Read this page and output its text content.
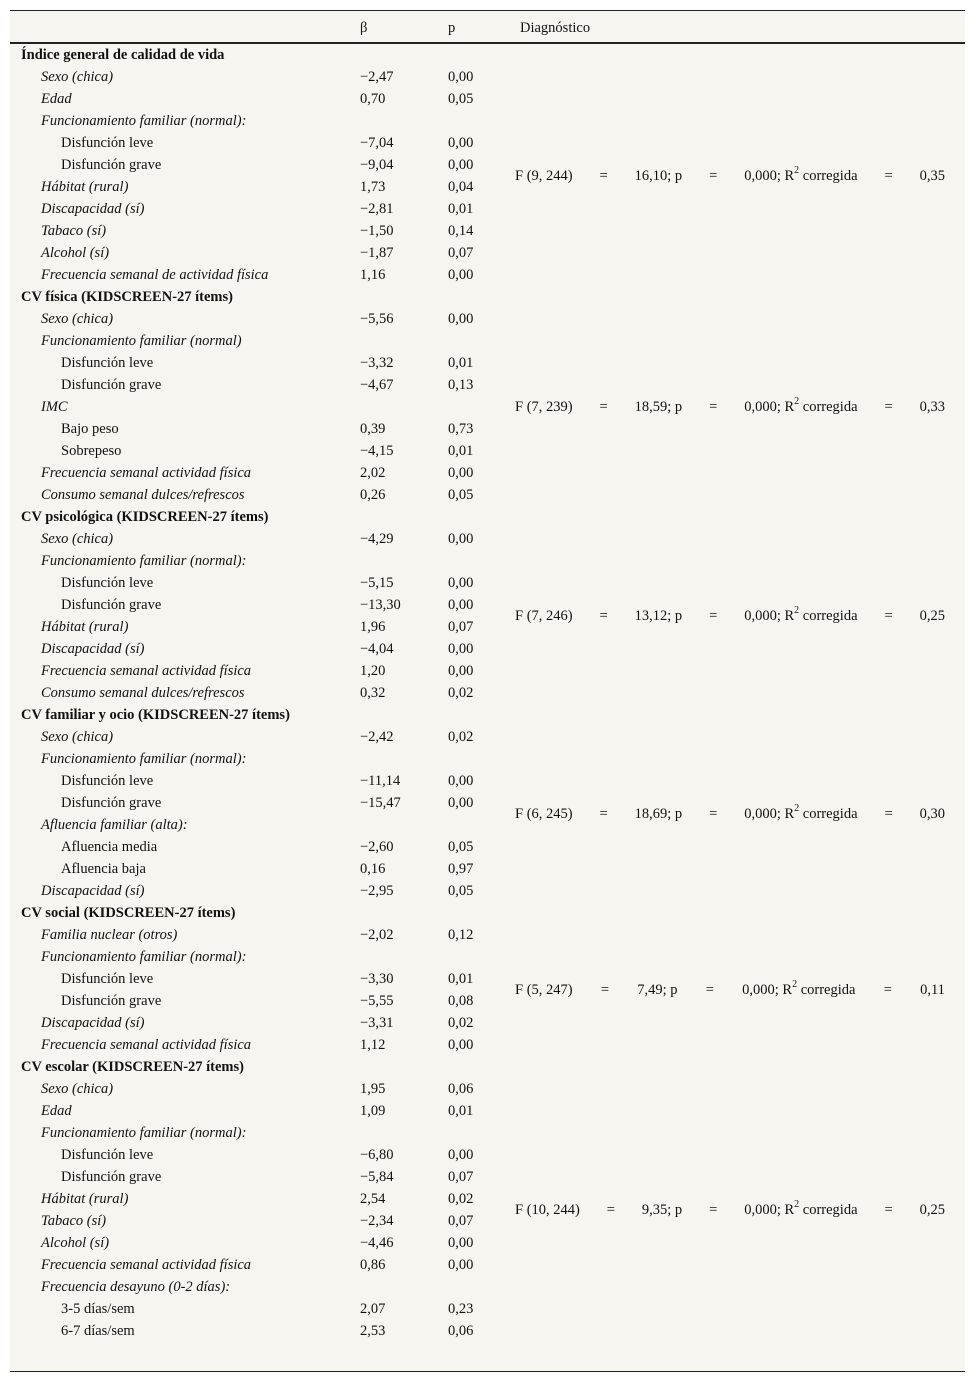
β	p	Diagnóstico
Índice general de calidad de vida
Sexo (chica)	−2,47	0,00
Edad	0,70	0,05
Funcionamiento familiar (normal):
Disfunción leve	−7,04	0,00
Disfunción grave	−9,04	0,00
Hábitat (rural)	1,73	0,04
Discapacidad (sí)	−2,81	0,01
Tabaco (sí)	−1,50	0,14
Alcohol (sí)	−1,87	0,07
Frecuencia semanal de actividad física	1,16	0,00
F (9, 244) = 16,10; p = 0,000; $R^2$ corregida = 0,35
CV física (KIDSCREEN-27 ítems)
Sexo (chica)	−5,56	0,00
Funcionamiento familiar (normal)
Disfunción leve	−3,32	0,01
Disfunción grave	−4,67	0,13
IMC
Bajo peso	0,39	0,73
Sobrepeso	−4,15	0,01
Frecuencia semanal actividad física	2,02	0,00
Consumo semanal dulces/refrescos	0,26	0,05
F (7, 239) = 18,59; p = 0,000; $R^2$ corregida = 0,33
CV psicológica (KIDSCREEN-27 ítems)
Sexo (chica)	−4,29	0,00
Funcionamiento familiar (normal):
Disfunción leve	−5,15	0,00
Disfunción grave	−13,30	0,00
Hábitat (rural)	1,96	0,07
Discapacidad (sí)	−4,04	0,00
Frecuencia semanal actividad física	1,20	0,00
Consumo semanal dulces/refrescos	0,32	0,02
F (7, 246) = 13,12; p = 0,000; $R^2$ corregida = 0,25
CV familiar y ocio (KIDSCREEN-27 ítems)
Sexo (chica)	−2,42	0,02
Funcionamiento familiar (normal):
Disfunción leve	−11,14	0,00
Disfunción grave	−15,47	0,00
Afluencia familiar (alta):
Afluencia media	−2,60	0,05
Afluencia baja	0,16	0,97
Discapacidad (sí)	−2,95	0,05
F (6, 245) = 18,69; p = 0,000; $R^2$ corregida = 0,30
CV social (KIDSCREEN-27 ítems)
Familia nuclear (otros)	−2,02	0,12
Funcionamiento familiar (normal):
Disfunción leve	−3,30	0,01
Disfunción grave	−5,55	0,08
Discapacidad (sí)	−3,31	0,02
Frecuencia semanal actividad física	1,12	0,00
F (5, 247) = 7,49; p = 0,000; $R^2$ corregida = 0,11
CV escolar (KIDSCREEN-27 ítems)
Sexo (chica)	1,95	0,06
Edad	1,09	0,01
Funcionamiento familiar (normal):
Disfunción leve	−6,80	0,00
Disfunción grave	−5,84	0,07
Hábitat (rural)	2,54	0,02
Tabaco (sí)	−2,34	0,07
Alcohol (sí)	−4,46	0,00
Frecuencia semanal actividad física	0,86	0,00
Frecuencia desayuno (0-2 días):
3-5 días/sem	2,07	0,23
6-7 días/sem	2,53	0,06
F (10, 244) = 9,35; p = 0,000; $R^2$ corregida = 0,25
